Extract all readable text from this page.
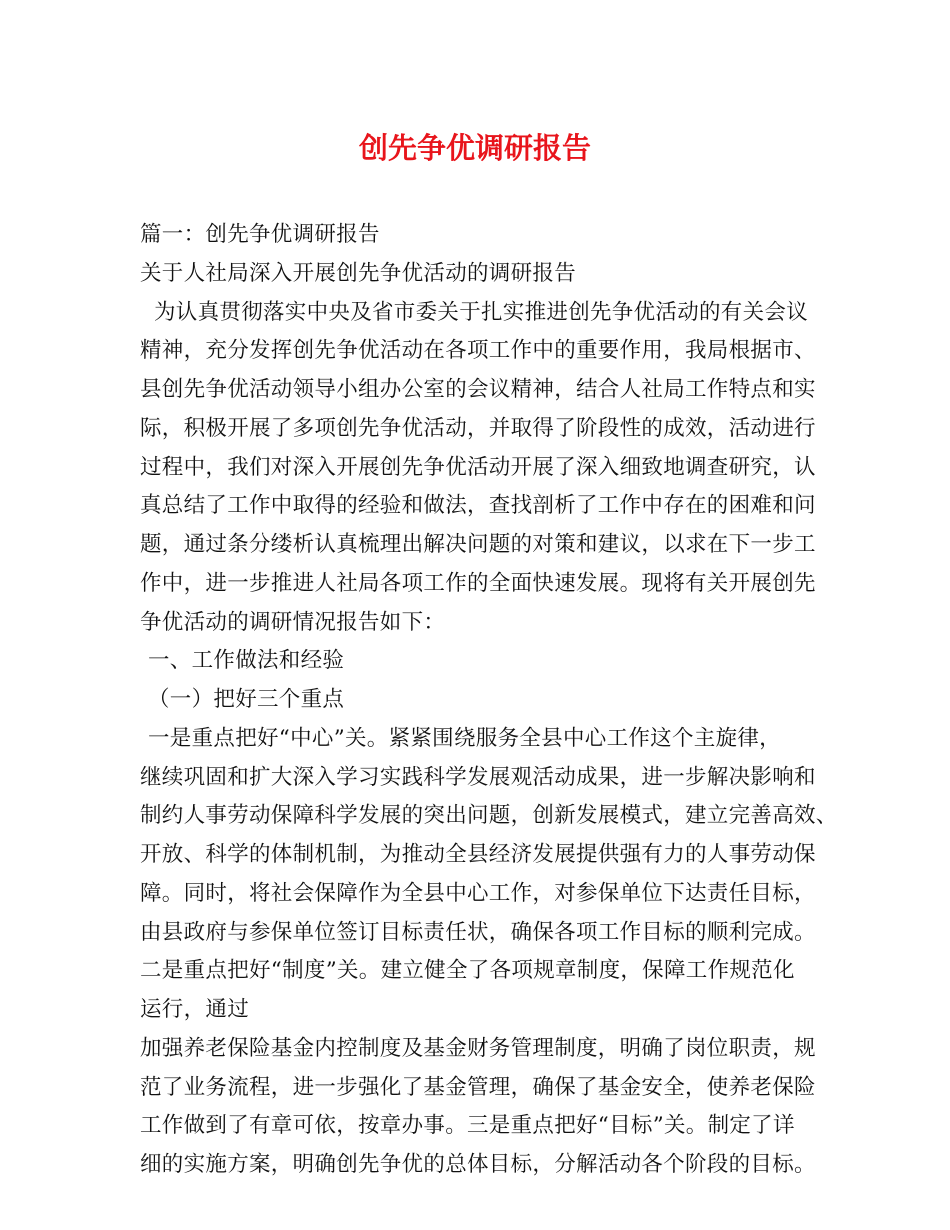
创先争优调研报告
篇一：创先争优调研报告
关于人社局深入开展创先争优活动的调研报告
为认真贯彻落实中央及省市委关于扎实推进创先争优活动的有关会议
精神，充分发挥创先争优活动在各项工作中的重要作用，我局根据市、
县创先争优活动领导小组办公室的会议精神，结合人社局工作特点和实
际，积极开展了多项创先争优活动，并取得了阶段性的成效，活动进行
过程中，我们对深入开展创先争优活动开展了深入细致地调查研究，认
真总结了工作中取得的经验和做法，查找剖析了工作中存在的困难和问
题，通过条分缕析认真梳理出解决问题的对策和建议，以求在下一步工
作中，进一步推进人社局各项工作的全面快速发展。现将有关开展创先
争优活动的调研情况报告如下：
一、工作做法和经验
（一）把好三个重点
一是重点把好“中心”关。紧紧围绕服务全县中心工作这个主旋律，
继续巩固和扩大深入学习实践科学发展观活动成果，进一步解决影响和
制约人事劳动保障科学发展的突出问题，创新发展模式，建立完善高效、
开放、科学的体制机制，为推动全县经济发展提供强有力的人事劳动保
障。同时，将社会保障作为全县中心工作，对参保单位下达责任目标，
由县政府与参保单位签订目标责任状，确保各项工作目标的顺利完成。
二是重点把好“制度”关。建立健全了各项规章制度，保障工作规范化
运行，通过
加强养老保险基金内控制度及基金财务管理制度，明确了岗位职责，规
范了业务流程，进一步强化了基金管理，确保了基金安全，使养老保险
工作做到了有章可依，按章办事。三是重点把好“目标”关。制定了详
细的实施方案，明确创先争优的总体目标，分解活动各个阶段的目标。
